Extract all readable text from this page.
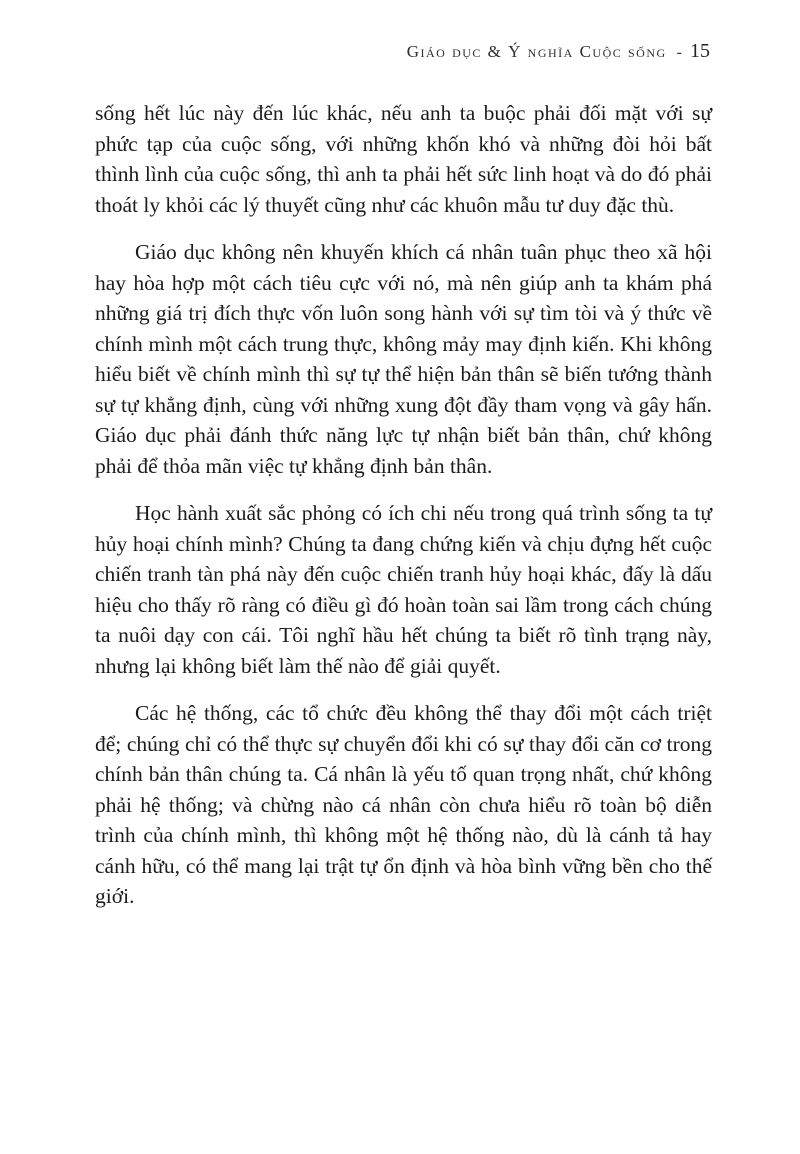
Giáo dục & Ý nghĩa Cuộc sống - 15

sống hết lúc này đến lúc khác, nếu anh ta buộc phải đối mặt với sự phức tạp của cuộc sống, với những khốn khó và những đòi hỏi bất thình lình của cuộc sống, thì anh ta phải hết sức linh hoạt và do đó phải thoát ly khỏi các lý thuyết cũng như các khuôn mẫu tư duy đặc thù.

Giáo dục không nên khuyến khích cá nhân tuân phục theo xã hội hay hòa hợp một cách tiêu cực với nó, mà nên giúp anh ta khám phá những giá trị đích thực vốn luôn song hành với sự tìm tòi và ý thức về chính mình một cách trung thực, không mảy may định kiến. Khi không hiểu biết về chính mình thì sự tự thể hiện bản thân sẽ biến tướng thành sự tự khẳng định, cùng với những xung đột đầy tham vọng và gây hấn. Giáo dục phải đánh thức năng lực tự nhận biết bản thân, chứ không phải để thỏa mãn việc tự khẳng định bản thân.

Học hành xuất sắc phỏng có ích chi nếu trong quá trình sống ta tự hủy hoại chính mình? Chúng ta đang chứng kiến và chịu đựng hết cuộc chiến tranh tàn phá này đến cuộc chiến tranh hủy hoại khác, đấy là dấu hiệu cho thấy rõ ràng có điều gì đó hoàn toàn sai lầm trong cách chúng ta nuôi dạy con cái. Tôi nghĩ hầu hết chúng ta biết rõ tình trạng này, nhưng lại không biết làm thế nào để giải quyết.

Các hệ thống, các tổ chức đều không thể thay đổi một cách triệt để; chúng chỉ có thể thực sự chuyển đổi khi có sự thay đổi căn cơ trong chính bản thân chúng ta. Cá nhân là yếu tố quan trọng nhất, chứ không phải hệ thống; và chừng nào cá nhân còn chưa hiểu rõ toàn bộ diễn trình của chính mình, thì không một hệ thống nào, dù là cánh tả hay cánh hữu, có thể mang lại trật tự ổn định và hòa bình vững bền cho thế giới.
